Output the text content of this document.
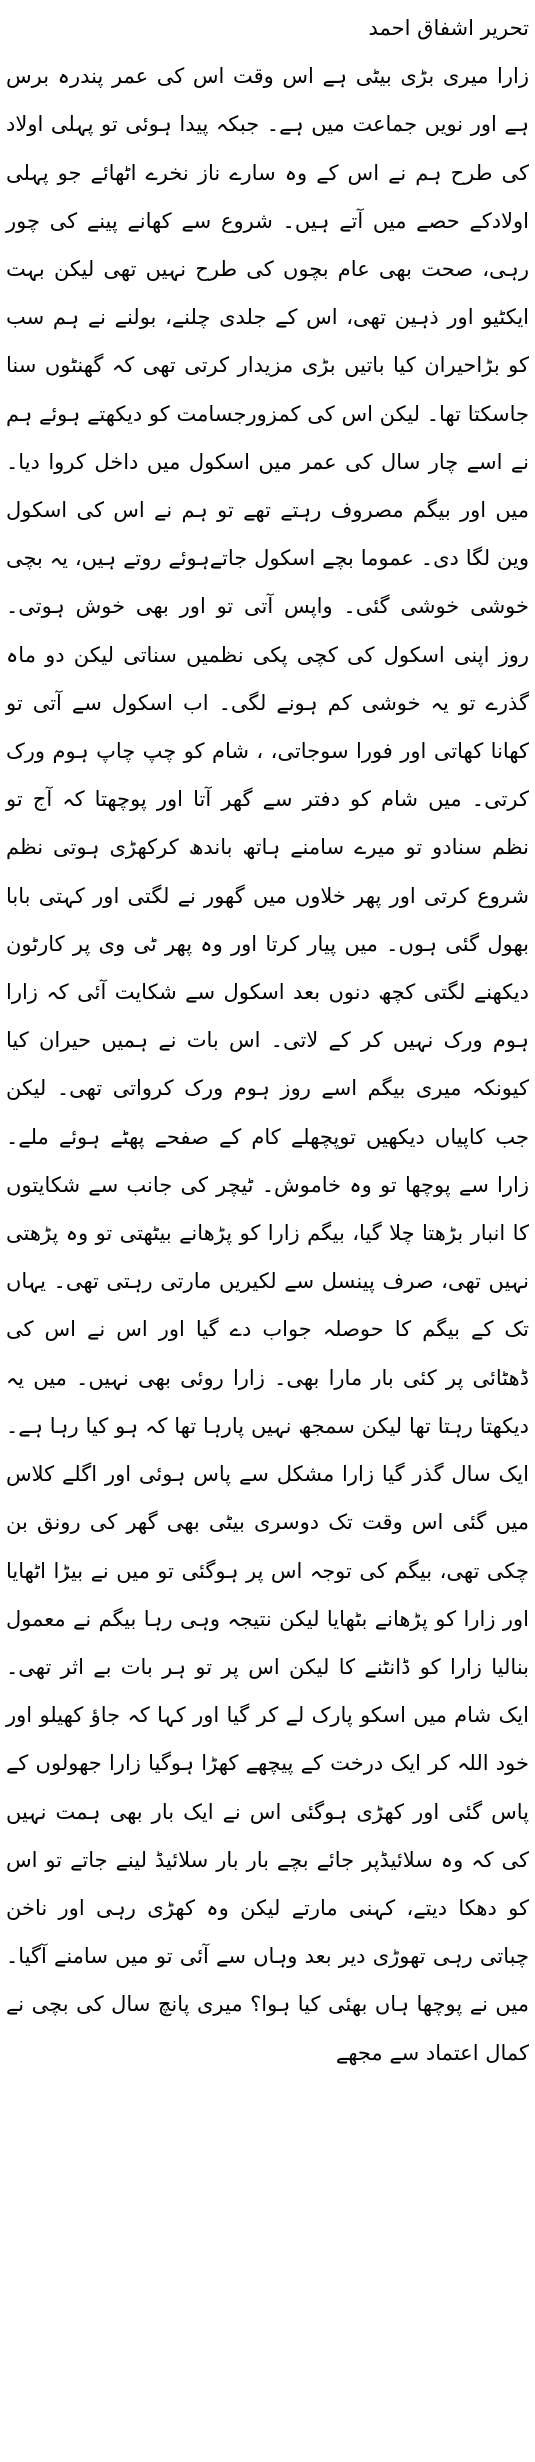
تحریر اشفاق احمد

زارا میری بڑی بیٹی ہے اس وقت اس کی عمر پندرہ برس ہے اور نویں جماعت میں ہے۔ جبکہ پیدا ہوئی تو پہلی اولاد کی طرح ہم نے اس کے وہ سارے ناز نخرے اٹھائے جو پہلی اولادکے حصے میں آتے ہیں۔ شروع سے کھانے پینے کی چور رہی، صحت بھی عام بچوں کی طرح نہیں تھی لیکن بہت ایکٹیو اور ذہین تھی، اس کے جلدی چلنے، بولنے نے ہم سب کو بڑاحیران کیا باتیں بڑی مزیدار کرتی تھی کہ گھنٹوں سنا جاسکتا تھا۔ لیکن اس کی کمزورجسامت کو دیکھتے ہوئے ہم نے اسے چار سال کی عمر میں اسکول میں داخل کروا دیا۔ میں اور بیگم مصروف رہتے تھے تو ہم نے اس کی اسکول وین لگا دی۔ عموما بچے اسکول جاتےہوئے روتے ہیں، یہ بچی خوشی خوشی گئی۔ واپس آتی تو اور بھی خوش ہوتی۔ روز اپنی اسکول کی کچی پکی نظمیں سناتی لیکن دو ماہ گذرے تو یہ خوشی کم ہونے لگی۔ اب اسکول سے آتی تو کھانا کھاتی اور فورا سوجاتی، ، شام کو چپ چاپ ہوم ورک کرتی۔ میں شام کو دفتر سے گھر آتا اور پوچھتا کہ آج تو نظم سنادو تو میرے سامنے ہاتھ باندھ کرکھڑی ہوتی نظم شروع کرتی اور پھر خلاوں میں گھور نے لگتی اور کہتی بابا بھول گئی ہوں۔ میں پیار کرتا اور وہ پھر ٹی وی پر کارٹون دیکھنے لگتی کچھ دنوں بعد اسکول سے شکایت آئی کہ زارا ہوم ورک نہیں کر کے لاتی۔ اس بات نے ہمیں حیران کیا کیونکہ میری بیگم اسے روز ہوم ورک کرواتی تھی۔ لیکن جب کاپیاں دیکھیں توپچھلے کام کے صفحے پھٹے ہوئے ملے۔ زارا سے پوچھا تو وہ خاموش۔ ٹیچر کی جانب سے شکایتوں کا انبار بڑھتا چلا گیا، بیگم زارا کو پڑھانے بیٹھتی تو وہ پڑھتی نہیں تھی، صرف پینسل سے لکیریں مارتی رہتی تھی۔ یہاں تک کے بیگم کا حوصلہ جواب دے گیا اور اس نے اس کی ڈھٹائی پر کئی بار مارا بھی۔ زارا روئی بھی نہیں۔ میں یہ دیکھتا رہتا تھا لیکن سمجھ نہیں پارہا تھا کہ ہو کیا رہا ہے۔ ایک سال گذر گیا زارا مشکل سے پاس ہوئی اور اگلے کلاس میں گئی اس وقت تک دوسری بیٹی بھی گھر کی رونق بن چکی تھی، بیگم کی توجہ اس پر ہوگئی تو میں نے بیڑا اٹھایا اور زارا کو پڑھانے بٹھایا لیکن نتیجہ وہی رہا بیگم نے معمول بنالیا زارا کو ڈانٹنے کا لیکن اس پر تو ہر بات بے اثر تھی۔ ایک شام میں اسکو پارک لے کر گیا اور کہا کہ جاؤ کھیلو اور خود اللہ کر ایک درخت کے پیچھے کھڑا ہوگیا زارا جھولوں کے پاس گئی اور کھڑی ہوگئی اس نے ایک بار بھی ہمت نہیں کی کہ وہ سلائیڈپر جائے بچے بار بار سلائیڈ لینے جاتے تو اس کو دھکا دیتے، کہنی مارتے لیکن وہ کھڑی رہی اور ناخن چباتی رہی تھوڑی دیر بعد وہاں سے آئی تو میں سامنے آگیا۔ میں نے پوچھا ہاں بھئی کیا ہوا؟ میری پانچ سال کی بچی نے کمال اعتماد سے مجھے
